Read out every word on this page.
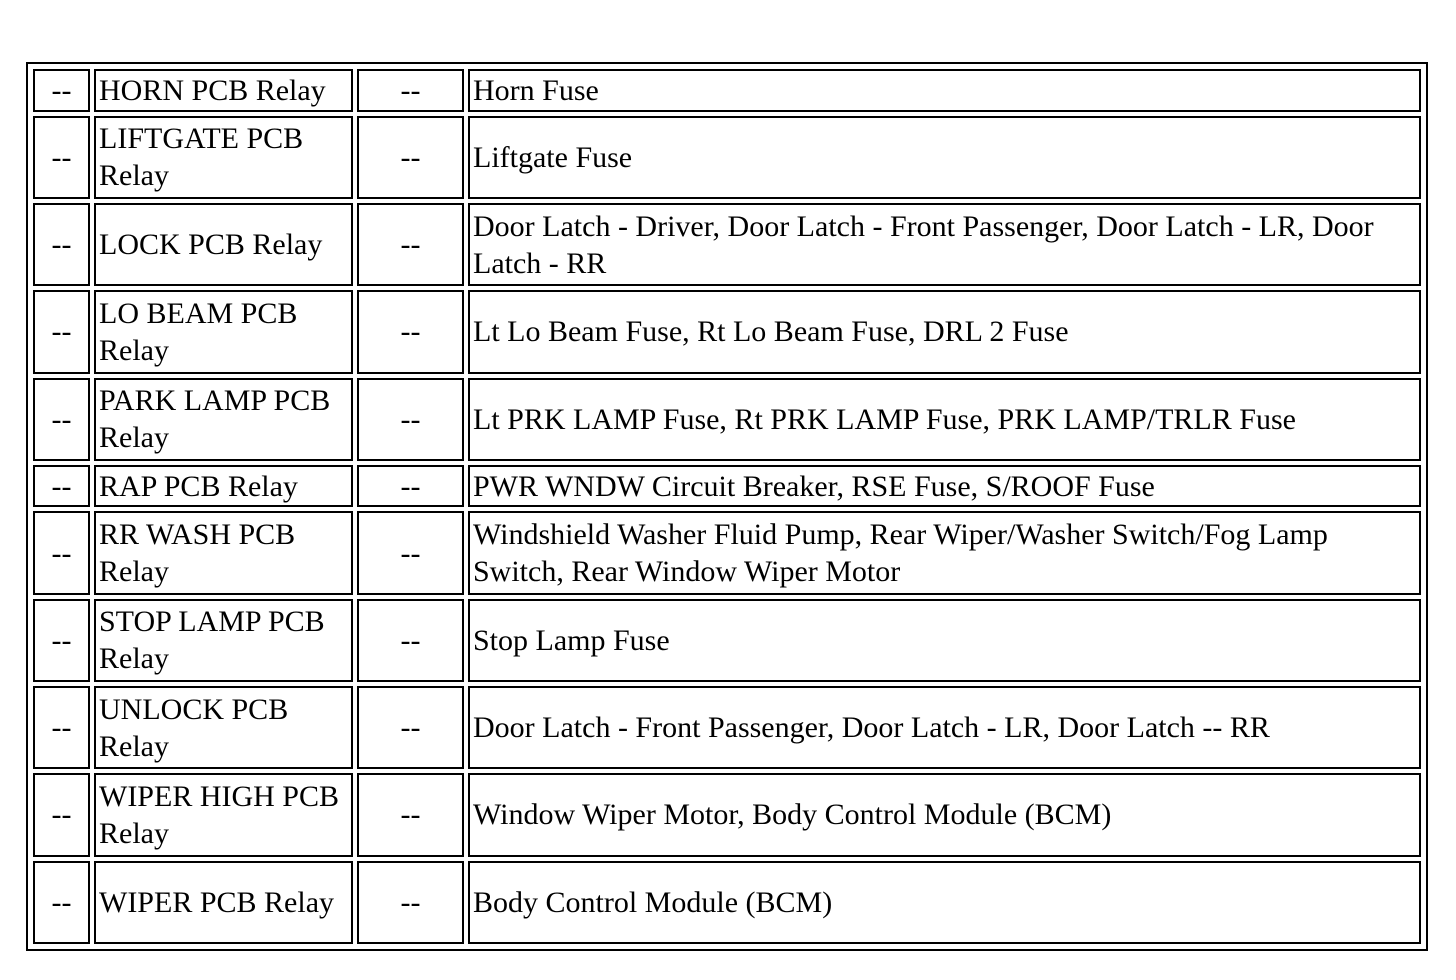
--	HORN PCB Relay	--	Horn Fuse
--	LIFTGATE PCB Relay	--	Liftgate Fuse
--	LOCK PCB Relay	--	Door Latch - Driver, Door Latch - Front Passenger, Door Latch - LR, Door Latch - RR
--	LO BEAM PCB Relay	--	Lt Lo Beam Fuse, Rt Lo Beam Fuse, DRL 2 Fuse
--	PARK LAMP PCB Relay	--	Lt PRK LAMP Fuse, Rt PRK LAMP Fuse, PRK LAMP/TRLR Fuse
--	RAP PCB Relay	--	PWR WNDW Circuit Breaker, RSE Fuse, S/ROOF Fuse
--	RR WASH PCB Relay	--	Windshield Washer Fluid Pump, Rear Wiper/Washer Switch/Fog Lamp Switch, Rear Window Wiper Motor
--	STOP LAMP PCB Relay	--	Stop Lamp Fuse
--	UNLOCK PCB Relay	--	Door Latch - Front Passenger, Door Latch - LR, Door Latch -- RR
--	WIPER HIGH PCB Relay	--	Window Wiper Motor, Body Control Module (BCM)
--	WIPER PCB Relay	--	Body Control Module (BCM)
